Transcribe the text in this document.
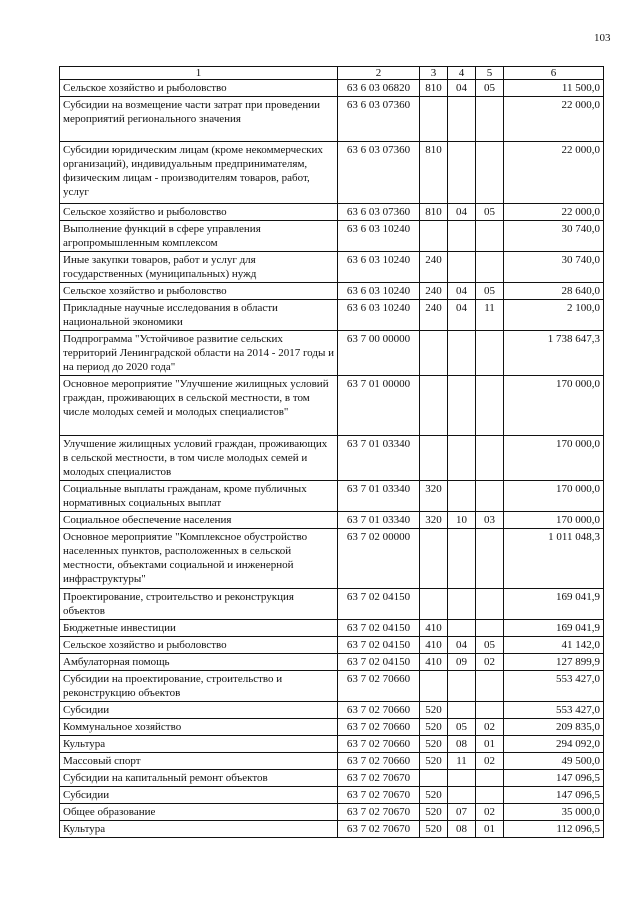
103
1	2	3	4	5	6
Сельское хозяйство и рыболовство	63 6 03 06820	810	04	05	11 500,0
Субсидии на возмещение части затрат при проведении мероприятий регионального значения	63 6 03 07360				22 000,0
Субсидии юридическим лицам (кроме некоммерческих организаций), индивидуальным предпринимателям, физическим лицам - производителям товаров, работ, услуг	63 6 03 07360	810			22 000,0
Сельское хозяйство и рыболовство	63 6 03 07360	810	04	05	22 000,0
Выполнение функций в сфере управления агропромышленным комплексом	63 6 03 10240				30 740,0
Иные закупки товаров, работ и услуг для государственных (муниципальных) нужд	63 6 03 10240	240			30 740,0
Сельское хозяйство и рыболовство	63 6 03 10240	240	04	05	28 640,0
Прикладные научные исследования в области национальной экономики	63 6 03 10240	240	04	11	2 100,0
Подпрограмма "Устойчивое развитие сельских территорий Ленинградской области на 2014 - 2017 годы и на период до 2020 года"	63 7 00 00000				1 738 647,3
Основное мероприятие "Улучшение жилищных условий граждан, проживающих в сельской местности, в том числе молодых семей и молодых специалистов"	63 7 01 00000				170 000,0
Улучшение жилищных условий граждан, проживающих в сельской местности, в том числе молодых семей и молодых специалистов	63 7 01 03340				170 000,0
Социальные выплаты гражданам, кроме публичных нормативных социальных выплат	63 7 01 03340	320			170 000,0
Социальное обеспечение населения	63 7 01 03340	320	10	03	170 000,0
Основное мероприятие "Комплексное обустройство населенных пунктов, расположенных в сельской местности, объектами социальной и инженерной инфраструктуры"	63 7 02 00000				1 011 048,3
Проектирование, строительство и реконструкция объектов	63 7 02 04150				169 041,9
Бюджетные инвестиции	63 7 02 04150	410			169 041,9
Сельское хозяйство и рыболовство	63 7 02 04150	410	04	05	41 142,0
Амбулаторная помощь	63 7 02 04150	410	09	02	127 899,9
Субсидии на проектирование, строительство и реконструкцию объектов	63 7 02 70660				553 427,0
Субсидии	63 7 02 70660	520			553 427,0
Коммунальное хозяйство	63 7 02 70660	520	05	02	209 835,0
Культура	63 7 02 70660	520	08	01	294 092,0
Массовый спорт	63 7 02 70660	520	11	02	49 500,0
Субсидии на капитальный ремонт объектов	63 7 02 70670				147 096,5
Субсидии	63 7 02 70670	520			147 096,5
Общее образование	63 7 02 70670	520	07	02	35 000,0
Культура	63 7 02 70670	520	08	01	112 096,5
